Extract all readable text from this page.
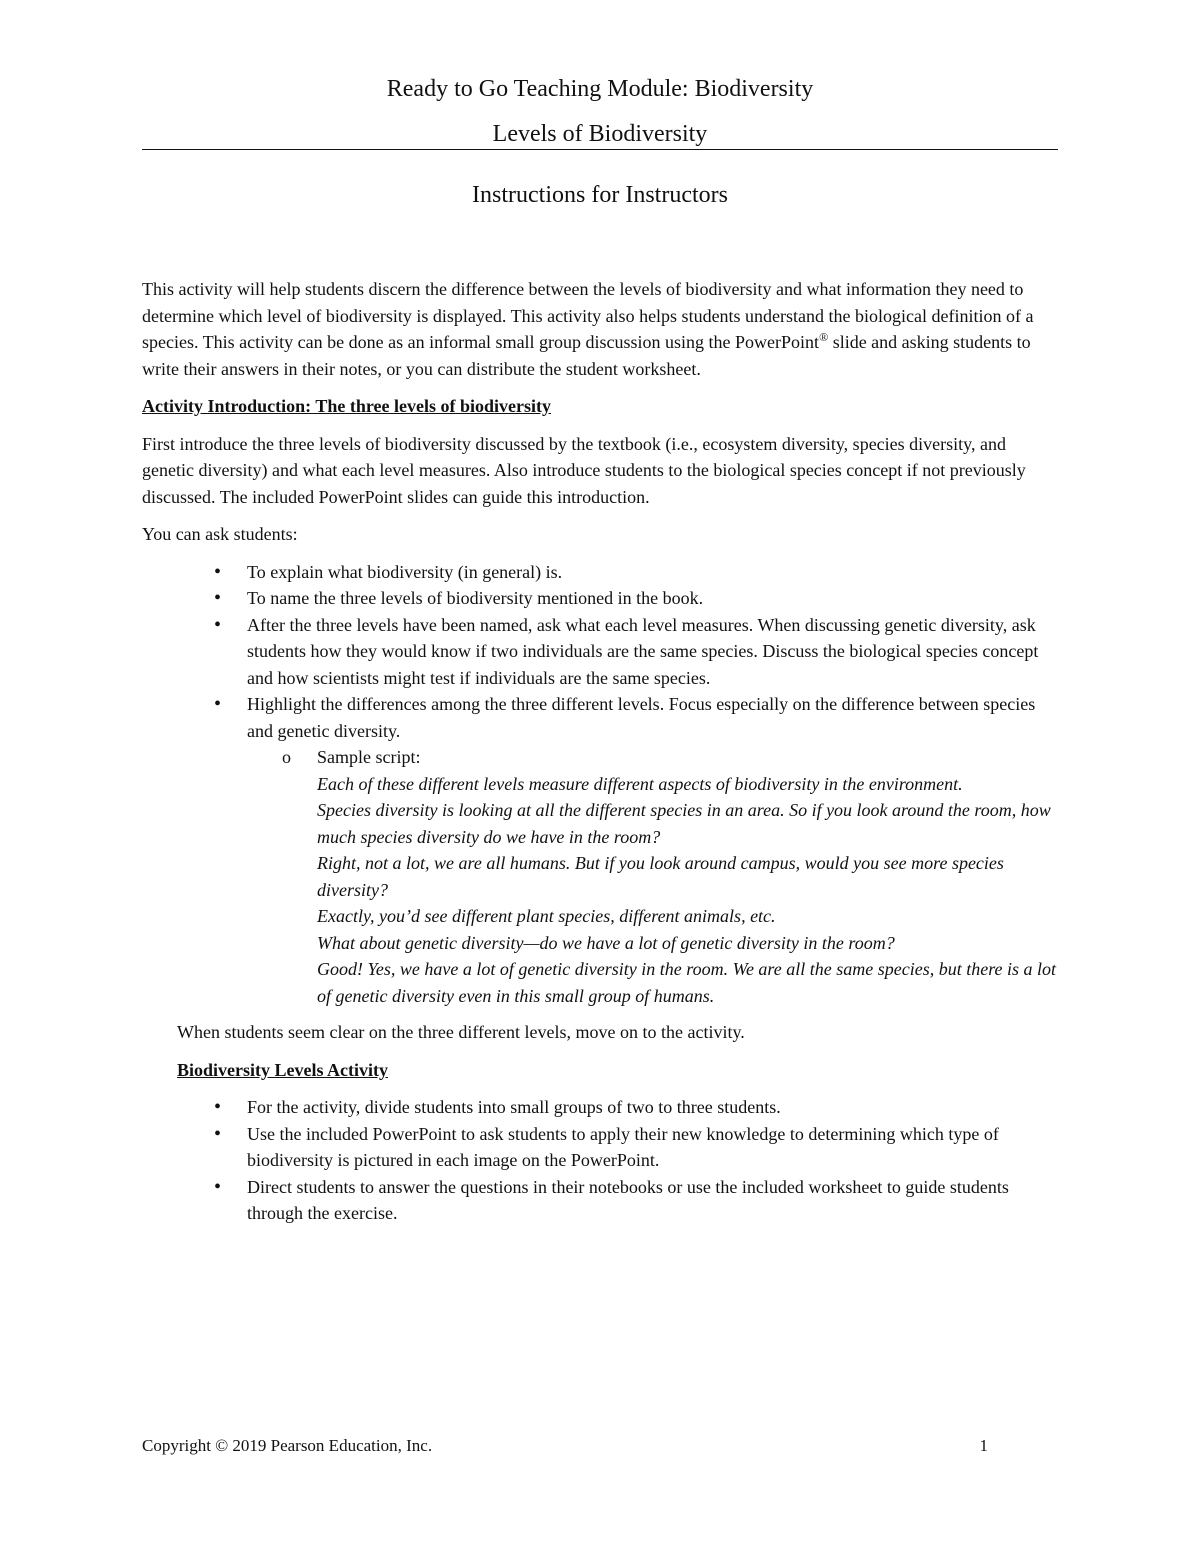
Ready to Go Teaching Module: Biodiversity
Levels of Biodiversity
Instructions for Instructors

This activity will help students discern the difference between the levels of biodiversity and what information they need to determine which level of biodiversity is displayed. This activity also helps students understand the biological definition of a species. This activity can be done as an informal small group discussion using the PowerPoint® slide and asking students to write their answers in their notes, or you can distribute the student worksheet.

Activity Introduction: The three levels of biodiversity

First introduce the three levels of biodiversity discussed by the textbook (i.e., ecosystem diversity, species diversity, and genetic diversity) and what each level measures. Also introduce students to the biological species concept if not previously discussed. The included PowerPoint slides can guide this introduction.

You can ask students:

• To explain what biodiversity (in general) is.
• To name the three levels of biodiversity mentioned in the book.
• After the three levels have been named, ask what each level measures. When discussing genetic diversity, ask students how they would know if two individuals are the same species. Discuss the biological species concept and how scientists might test if individuals are the same species.
• Highlight the differences among the three different levels. Focus especially on the difference between species and genetic diversity.
o Sample script:

Each of these different levels measure different aspects of biodiversity in the environment.

Species diversity is looking at all the different species in an area. So if you look around the room, how much species diversity do we have in the room?

Right, not a lot, we are all humans. But if you look around campus, would you see more species diversity?

Exactly, you’d see different plant species, different animals, etc.

What about genetic diversity—do we have a lot of genetic diversity in the room?

Good! Yes, we have a lot of genetic diversity in the room. We are all the same species, but there is a lot of genetic diversity even in this small group of humans.

When students seem clear on the three different levels, move on to the activity.

Biodiversity Levels Activity
• For the activity, divide students into small groups of two to three students.
• Use the included PowerPoint to ask students to apply their new knowledge to determining which type of biodiversity is pictured in each image on the PowerPoint.
• Direct students to answer the questions in their notebooks or use the included worksheet to guide students through the exercise.
Copyright © 2019 Pearson Education, Inc.	1
